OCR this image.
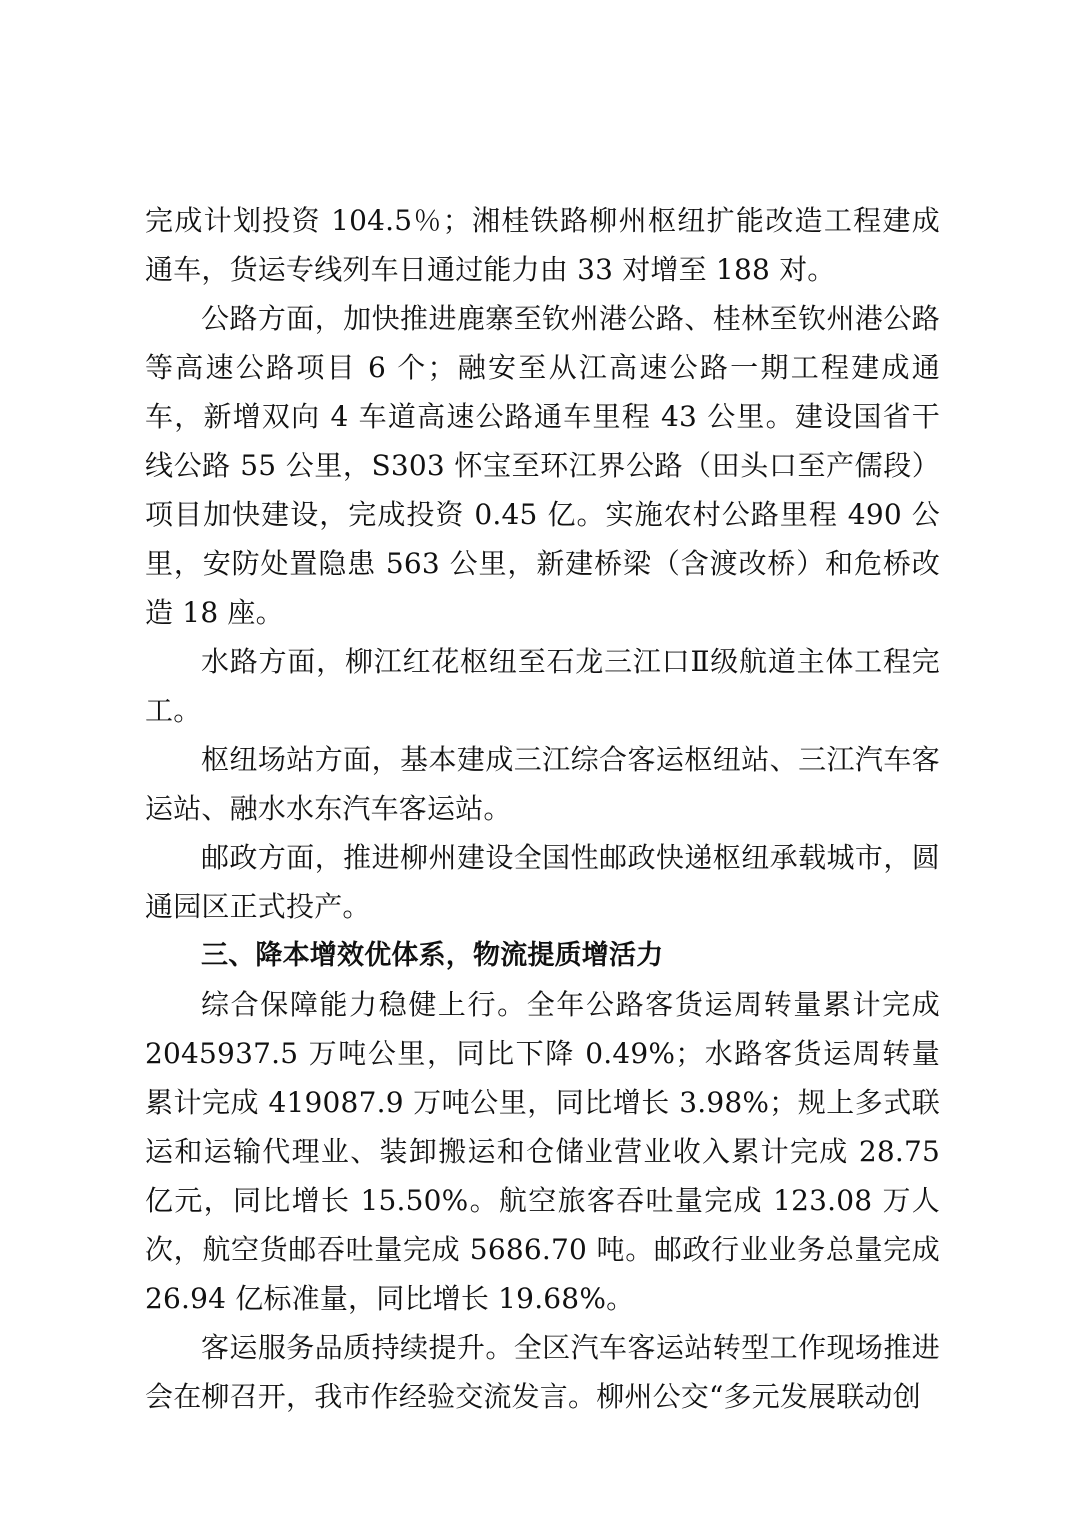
完成计划投资 104.5％；湘桂铁路柳州枢纽扩能改造工程建成通车，货运专线列车日通过能力由 33 对增至 188 对。

公路方面，加快推进鹿寨至钦州港公路、桂林至钦州港公路等高速公路项目 6 个；融安至从江高速公路一期工程建成通车，新增双向 4 车道高速公路通车里程 43 公里。建设国省干线公路 55 公里，S303 怀宝至环江界公路（田头口至产儒段）项目加快建设，完成投资 0.45 亿。实施农村公路里程 490 公里，安防处置隐患 563 公里，新建桥梁（含渡改桥）和危桥改造 18 座。

水路方面，柳江红花枢纽至石龙三江口Ⅱ级航道主体工程完工。

枢纽场站方面，基本建成三江综合客运枢纽站、三江汽车客运站、融水水东汽车客运站。

邮政方面，推进柳州建设全国性邮政快递枢纽承载城市，圆通园区正式投产。

三、降本增效优体系，物流提质增活力

综合保障能力稳健上行。全年公路客货运周转量累计完成 2045937.5 万吨公里，同比下降 0.49%；水路客货运周转量累计完成 419087.9 万吨公里，同比增长 3.98%；规上多式联运和运输代理业、装卸搬运和仓储业营业收入累计完成 28.75 亿元，同比增长 15.50%。航空旅客吞吐量完成 123.08 万人次，航空货邮吞吐量完成 5686.70 吨。邮政行业业务总量完成 26.94 亿标准量，同比增长 19.68%。

客运服务品质持续提升。全区汽车客运站转型工作现场推进会在柳召开，我市作经验交流发言。柳州公交“多元发展联动创
